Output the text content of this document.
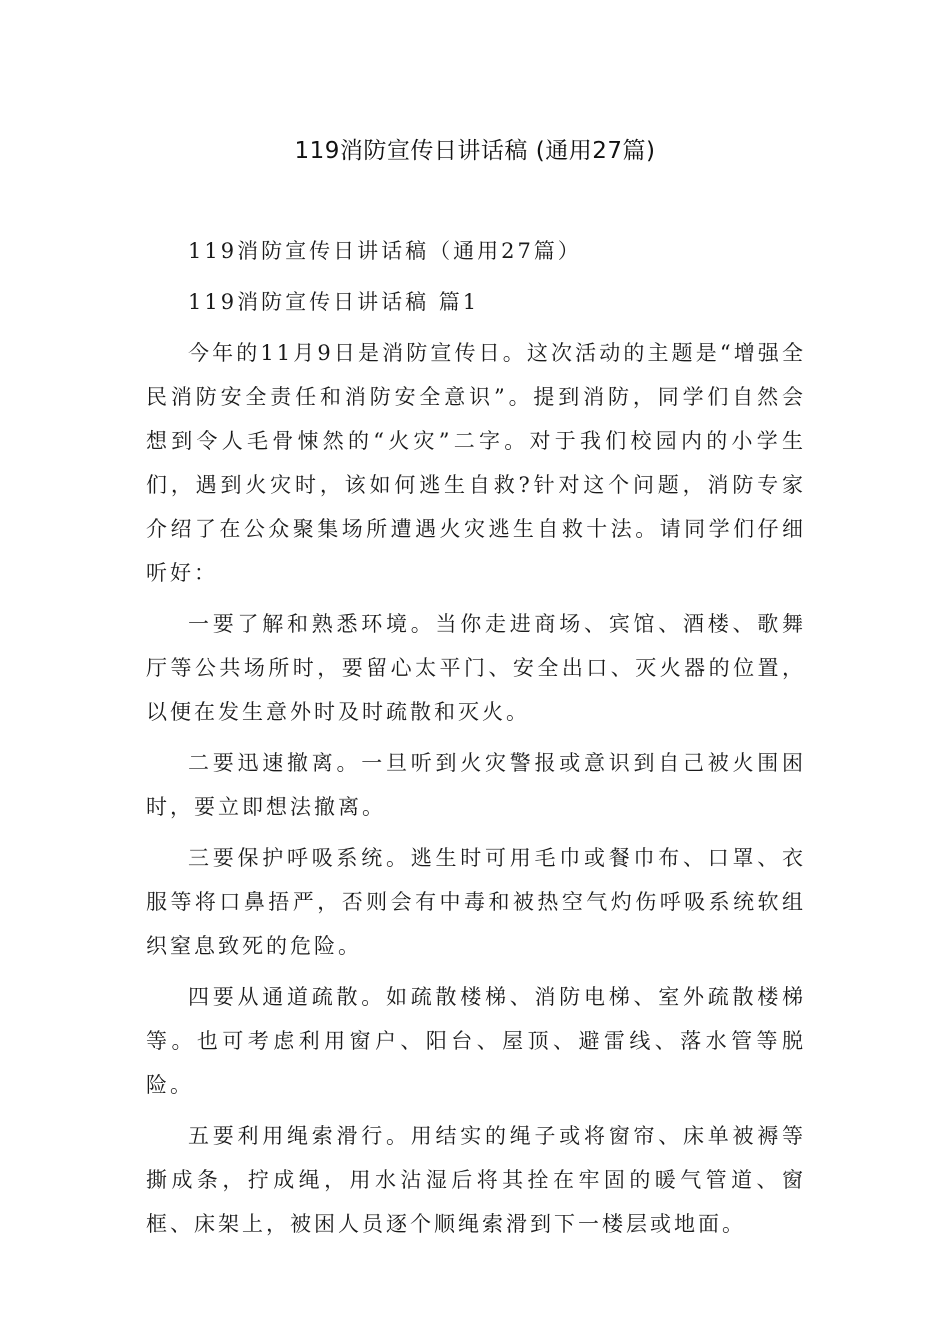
119消防宣传日讲话稿 (通用27篇)

119消防宣传日讲话稿（通用27篇）

119消防宣传日讲话稿 篇1

今年的11月9日是消防宣传日。这次活动的主题是“增强全民消防安全责任和消防安全意识”。提到消防，同学们自然会想到令人毛骨悚然的“火灾”二字。对于我们校园内的小学生们，遇到火灾时，该如何逃生自救?针对这个问题，消防专家介绍了在公众聚集场所遭遇火灾逃生自救十法。请同学们仔细听好：

一要了解和熟悉环境。当你走进商场、宾馆、酒楼、歌舞厅等公共场所时，要留心太平门、安全出口、灭火器的位置，以便在发生意外时及时疏散和灭火。

二要迅速撤离。一旦听到火灾警报或意识到自己被火围困时，要立即想法撤离。

三要保护呼吸系统。逃生时可用毛巾或餐巾布、口罩、衣服等将口鼻捂严，否则会有中毒和被热空气灼伤呼吸系统软组织窒息致死的危险。

四要从通道疏散。如疏散楼梯、消防电梯、室外疏散楼梯等。也可考虑利用窗户、阳台、屋顶、避雷线、落水管等脱险。

五要利用绳索滑行。用结实的绳子或将窗帘、床单被褥等撕成条，拧成绳，用水沾湿后将其拴在牢固的暖气管道、窗框、床架上，被困人员逐个顺绳索滑到下一楼层或地面。
